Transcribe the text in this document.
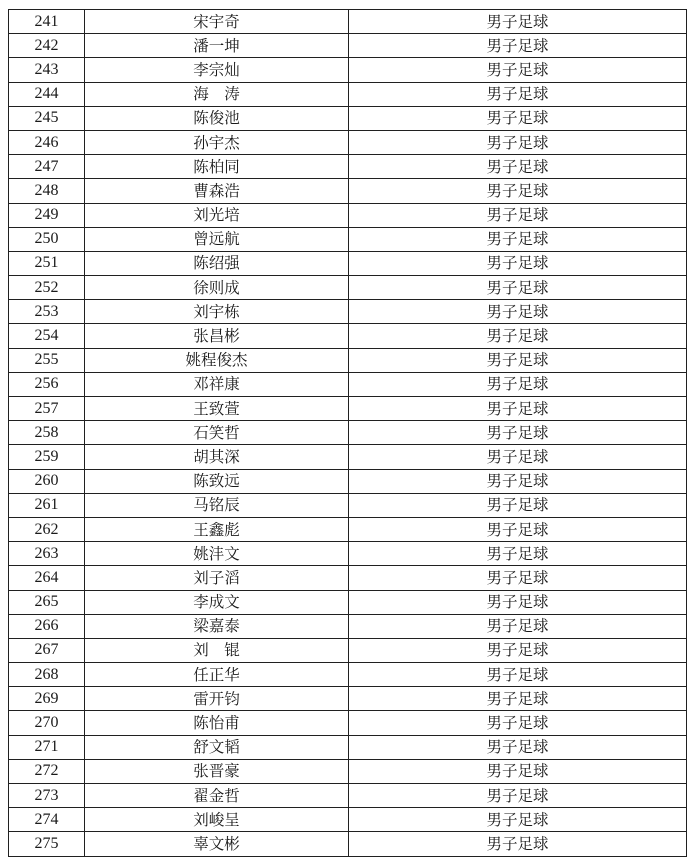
241	宋宇奇	男子足球
242	潘一坤	男子足球
243	李宗灿	男子足球
244	海　涛	男子足球
245	陈俊池	男子足球
246	孙宇杰	男子足球
247	陈柏同	男子足球
248	曹森浩	男子足球
249	刘光培	男子足球
250	曾远航	男子足球
251	陈绍强	男子足球
252	徐则成	男子足球
253	刘宇栋	男子足球
254	张昌彬	男子足球
255	姚程俊杰	男子足球
256	邓祥康	男子足球
257	王致萱	男子足球
258	石笑哲	男子足球
259	胡其深	男子足球
260	陈致远	男子足球
261	马铭辰	男子足球
262	王鑫彪	男子足球
263	姚沣文	男子足球
264	刘子滔	男子足球
265	李成文	男子足球
266	梁嘉泰	男子足球
267	刘　锟	男子足球
268	任正华	男子足球
269	雷开钧	男子足球
270	陈怡甫	男子足球
271	舒文韬	男子足球
272	张晋豪	男子足球
273	翟金哲	男子足球
274	刘峻呈	男子足球
275	辜文彬	男子足球
